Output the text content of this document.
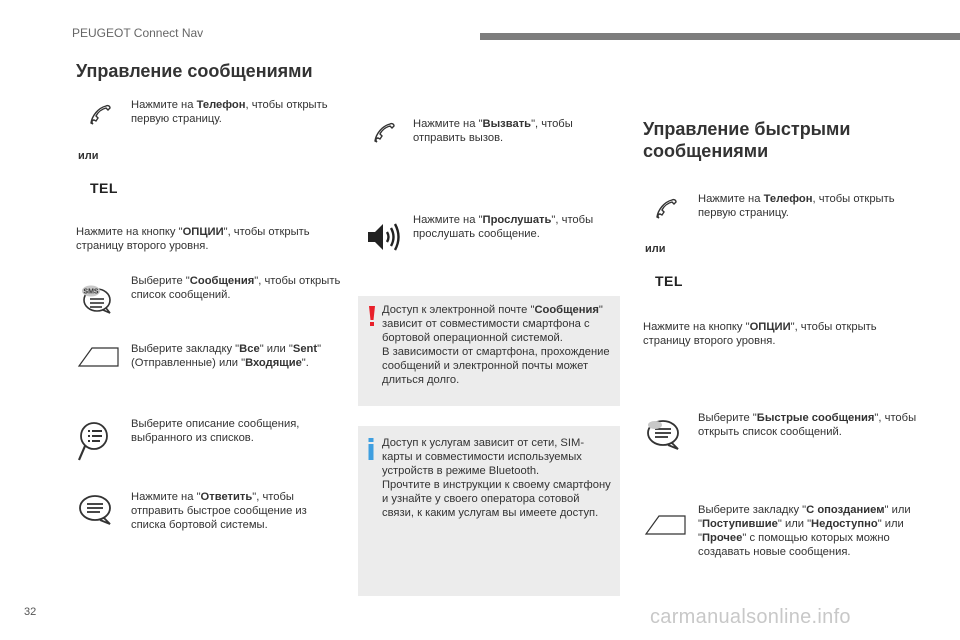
PEUGEOT Connect Nav
Управление сообщениями
Нажмите на Телефон, чтобы открыть первую страницу.
или
TEL
Нажмите на кнопку "ОПЦИИ", чтобы открыть страницу второго уровня.
SMS
Выберите "Сообщения", чтобы открыть список сообщений.
Выберите закладку "Все" или "Sent" (Отправленные) или "Входящие".
Выберите описание сообщения, выбранного из списков.
Нажмите на "Ответить", чтобы отправить быстрое сообщение из списка бортовой системы.
Нажмите на "Вызвать", чтобы отправить вызов.
Нажмите на "Прослушать", чтобы прослушать сообщение.
Доступ к электронной почте "Сообщения" зависит от совместимости смартфона с бортовой операционной системой.
В зависимости от смартфона, прохождение сообщений и электронной почты может длиться долго.
Доступ к услугам зависит от сети, SIM-карты и совместимости используемых устройств в режиме Bluetooth.
Прочтите в инструкции к своему смартфону и узнайте у своего оператора сотовой связи, к каким услугам вы имеете доступ.
Управление быстрыми сообщениями
Нажмите на Телефон, чтобы открыть первую страницу.
или
TEL
Нажмите на кнопку "ОПЦИИ", чтобы открыть страницу второго уровня.
Выберите "Быстрые сообщения", чтобы открыть список сообщений.
Выберите закладку "С опозданием" или "Поступившие" или "Недоступно" или "Прочее" с помощью которых можно создавать новые сообщения.
32	carmanualsonline.info
